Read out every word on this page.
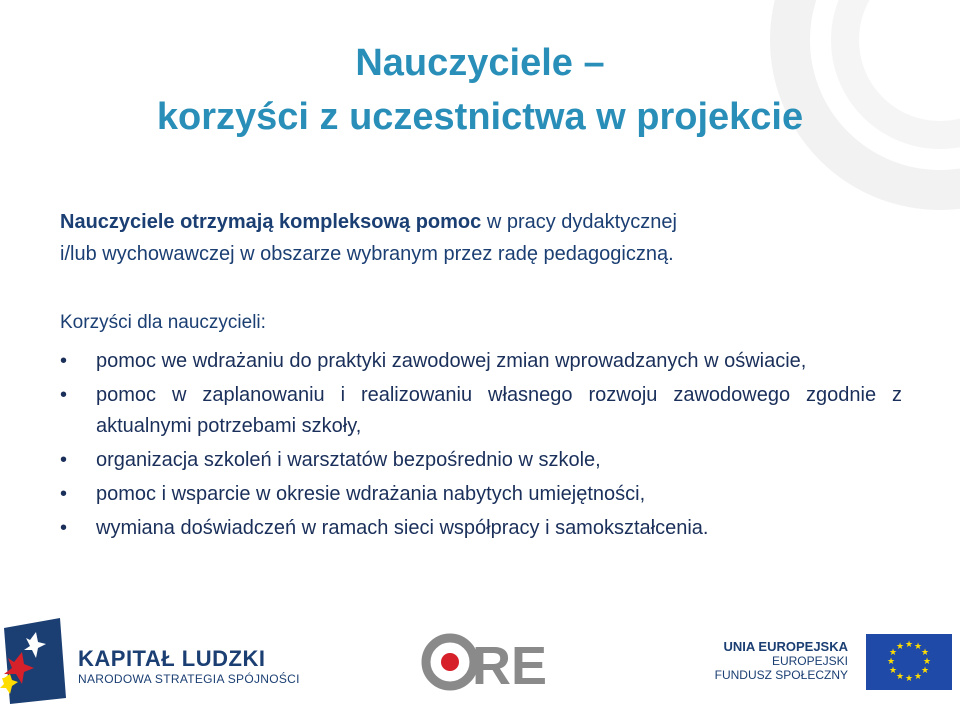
Nauczyciele –
korzyści z uczestnictwa w projekcie
Nauczyciele otrzymają kompleksową pomoc w pracy dydaktycznej
i/lub wychowawczej w obszarze wybranym przez radę pedagogiczną.
Korzyści dla nauczycieli:
• pomoc we wdrażaniu do praktyki zawodowej zmian wprowadzanych w oświacie,
• pomoc w zaplanowaniu i realizowaniu własnego rozwoju zawodowego zgodnie z aktualnymi potrzebami szkoły,
• organizacja szkoleń i warsztatów bezpośrednio w szkole,
• pomoc i wsparcie w okresie wdrażania nabytych umiejętności,
• wymiana doświadczeń w ramach sieci współpracy i samokształcenia.
KAPITAŁ LUDZKI
NARODOWA STRATEGIA SPÓJNOŚCI	RE	UNIA EUROPEJSKA
EUROPEJSKI
FUNDUSZ SPOŁECZNY
★ ★
★
★
★
★
★
★
★
★
★
★
